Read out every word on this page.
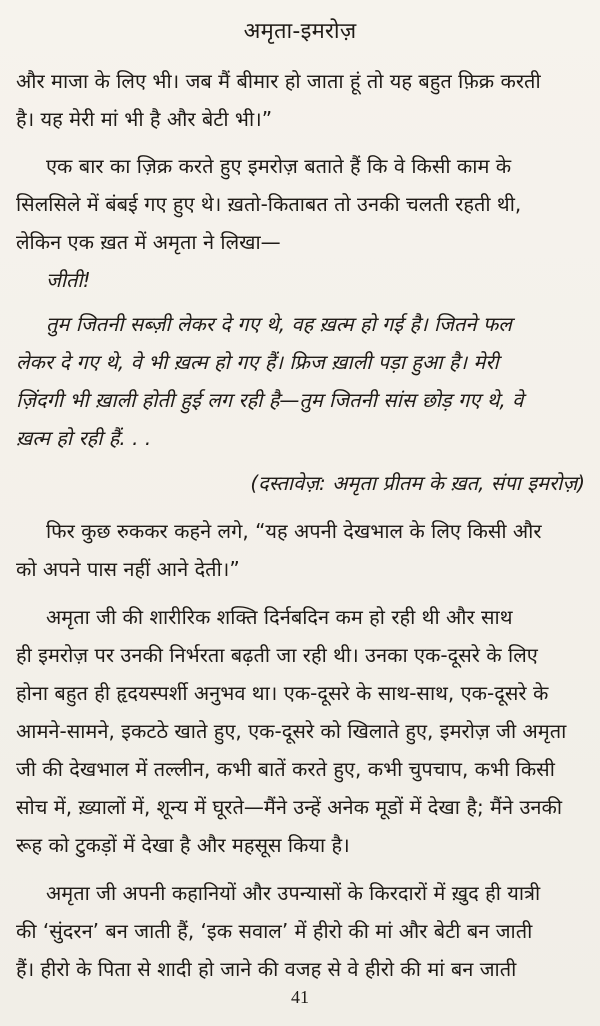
अमृता-इमरोज़
और माजा के लिए भी। जब मैं बीमार हो जाता हूं तो यह बहुत फ़िक्र करती
है। यह मेरी मां भी है और बेटी भी।”
एक बार का ज़िक्र करते हुए इमरोज़ बताते हैं कि वे किसी काम के
सिलसिले में बंबई गए हुए थे। ख़तो-किताबत तो उनकी चलती रहती थी,
लेकिन एक ख़त में अमृता ने लिखा—
जीती!
तुम जितनी सब्ज़ी लेकर दे गए थे, वह ख़त्म हो गई है। जितने फल
लेकर दे गए थे, वे भी ख़त्म हो गए हैं। फ्रिज ख़ाली पड़ा हुआ है। मेरी
ज़िंदगी भी ख़ाली होती हुई लग रही है—तुम जितनी सांस छोड़ गए थे, वे
ख़त्म हो रही हैं. . .
(दस्तावेज़: अमृता प्रीतम के ख़त, संपा इमरोज़)
फिर कुछ रुककर कहने लगे, “यह अपनी देखभाल के लिए किसी और
को अपने पास नहीं आने देती।”
अमृता जी की शारीरिक शक्ति दिर्नबदिन कम हो रही थी और साथ
ही इमरोज़ पर उनकी निर्भरता बढ़ती जा रही थी। उनका एक-दूसरे के लिए
होना बहुत ही हृदयस्पर्शी अनुभव था। एक-दूसरे के साथ-साथ, एक-दूसरे के
आमने-सामने, इकटठे खाते हुए, एक-दूसरे को खिलाते हुए, इमरोज़ जी अमृता
जी की देखभाल में तल्लीन, कभी बातें करते हुए, कभी चुपचाप, कभी किसी
सोच में, ख़्यालों में, शून्य में घूरते—मैंने उन्हें अनेक मूडों में देखा है; मैंने उनकी
रूह को टुकड़ों में देखा है और महसूस किया है।
अमृता जी अपनी कहानियों और उपन्यासों के किरदारों में ख़ुद ही यात्री
की ‘सुंदरन’ बन जाती हैं, ‘इक सवाल’ में हीरो की मां और बेटी बन जाती
हैं। हीरो के पिता से शादी हो जाने की वजह से वे हीरो की मां बन जाती
41
